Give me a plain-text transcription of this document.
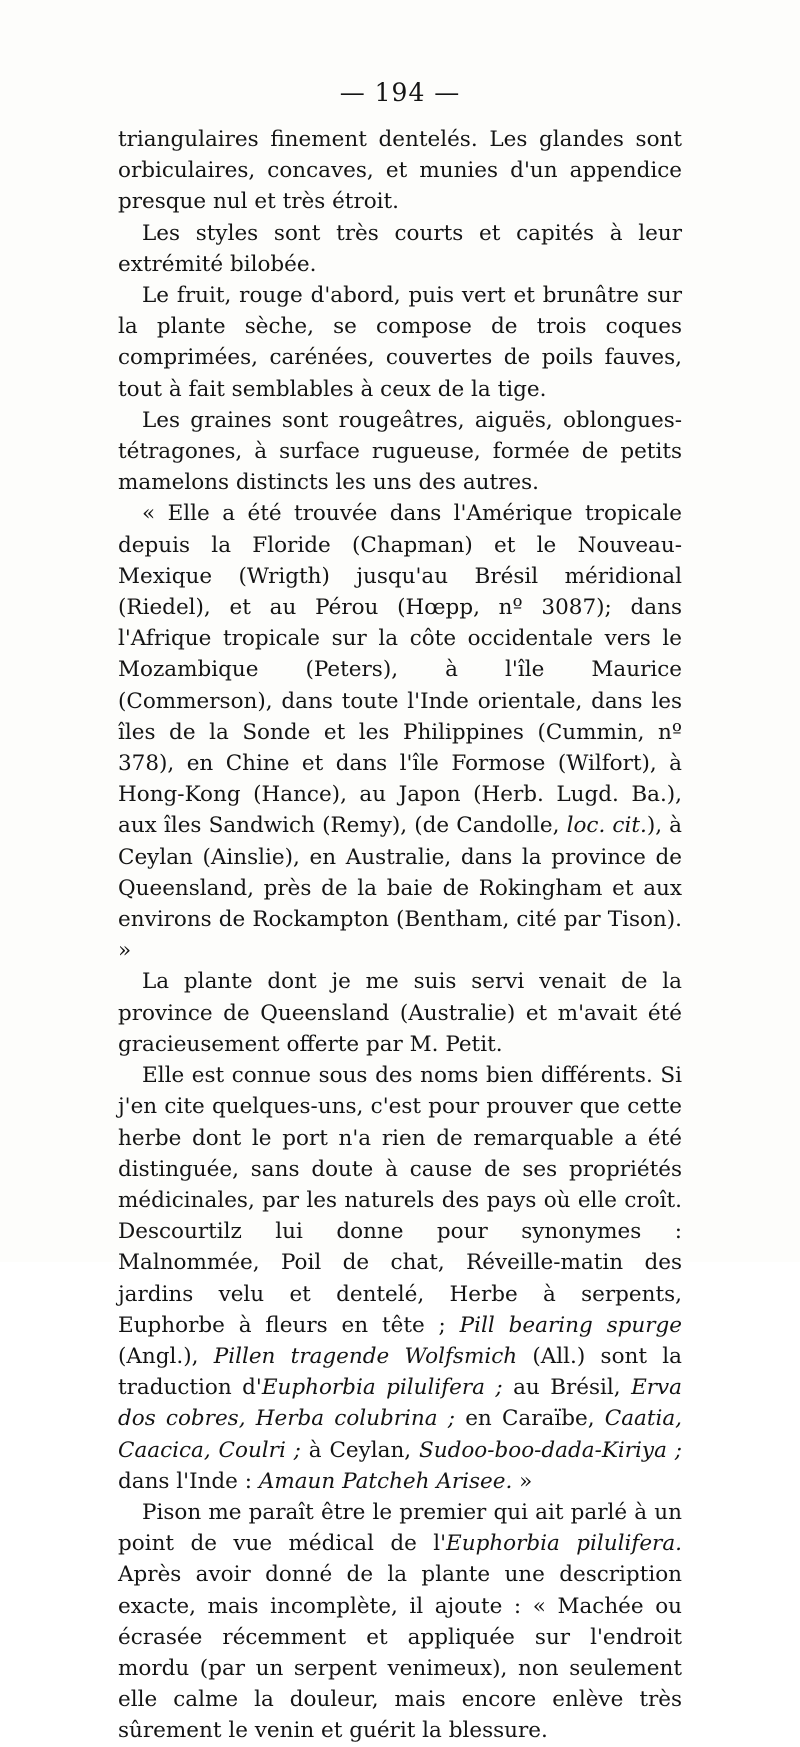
— 194 —

triangulaires finement dentelés. Les glandes sont orbiculaires, concaves, et munies d'un appendice presque nul et très étroit.

Les styles sont très courts et capités à leur extrémité bilobée.

Le fruit, rouge d'abord, puis vert et brunâtre sur la plante sèche, se compose de trois coques comprimées, carénées, couvertes de poils fauves, tout à fait semblables à ceux de la tige.

Les graines sont rougeâtres, aiguës, oblongues-tétragones, à surface rugueuse, formée de petits mamelons distincts les uns des autres.

« Elle a été trouvée dans l'Amérique tropicale depuis la Floride (Chapman) et le Nouveau-Mexique (Wrigth) jusqu'au Brésil méridional (Riedel), et au Pérou (Hœpp, nº 3087); dans l'Afrique tropicale sur la côte occidentale vers le Mozambique (Peters), à l'île Maurice (Commerson), dans toute l'Inde orientale, dans les îles de la Sonde et les Philippines (Cummin, nº 378), en Chine et dans l'île Formose (Wilfort), à Hong-Kong (Hance), au Japon (Herb. Lugd. Ba.), aux îles Sandwich (Remy), (de Candolle, loc. cit.), à Ceylan (Ainslie), en Australie, dans la province de Queensland, près de la baie de Rokingham et aux environs de Rockampton (Bentham, cité par Tison). »

La plante dont je me suis servi venait de la province de Queensland (Australie) et m'avait été gracieusement offerte par M. Petit.

Elle est connue sous des noms bien différents. Si j'en cite quelques-uns, c'est pour prouver que cette herbe dont le port n'a rien de remarquable a été distinguée, sans doute à cause de ses propriétés médicinales, par les naturels des pays où elle croît. Descourtilz lui donne pour synonymes : Malnommée, Poil de chat, Réveille-matin des jardins velu et dentelé, Herbe à serpents, Euphorbe à fleurs en tête ; Pill bearing spurge (Angl.), Pillen tragende Wolfsmich (All.) sont la traduction d'Euphorbia pilulifera ; au Brésil, Erva dos cobres, Herba colubrina ; en Caraïbe, Caatia, Caacica, Coulri ; à Ceylan, Sudoo-boo-dada-Kiriya ; dans l'Inde : Amaun Patcheh Arisee. »

Pison me paraît être le premier qui ait parlé à un point de vue médical de l'Euphorbia pilulifera. Après avoir donné de la plante une description exacte, mais incomplète, il ajoute : « Machée ou écrasée récemment et appliquée sur l'endroit mordu (par un serpent venimeux), non seulement elle calme la douleur, mais encore enlève très sûrement le venin et guérit la blessure.
